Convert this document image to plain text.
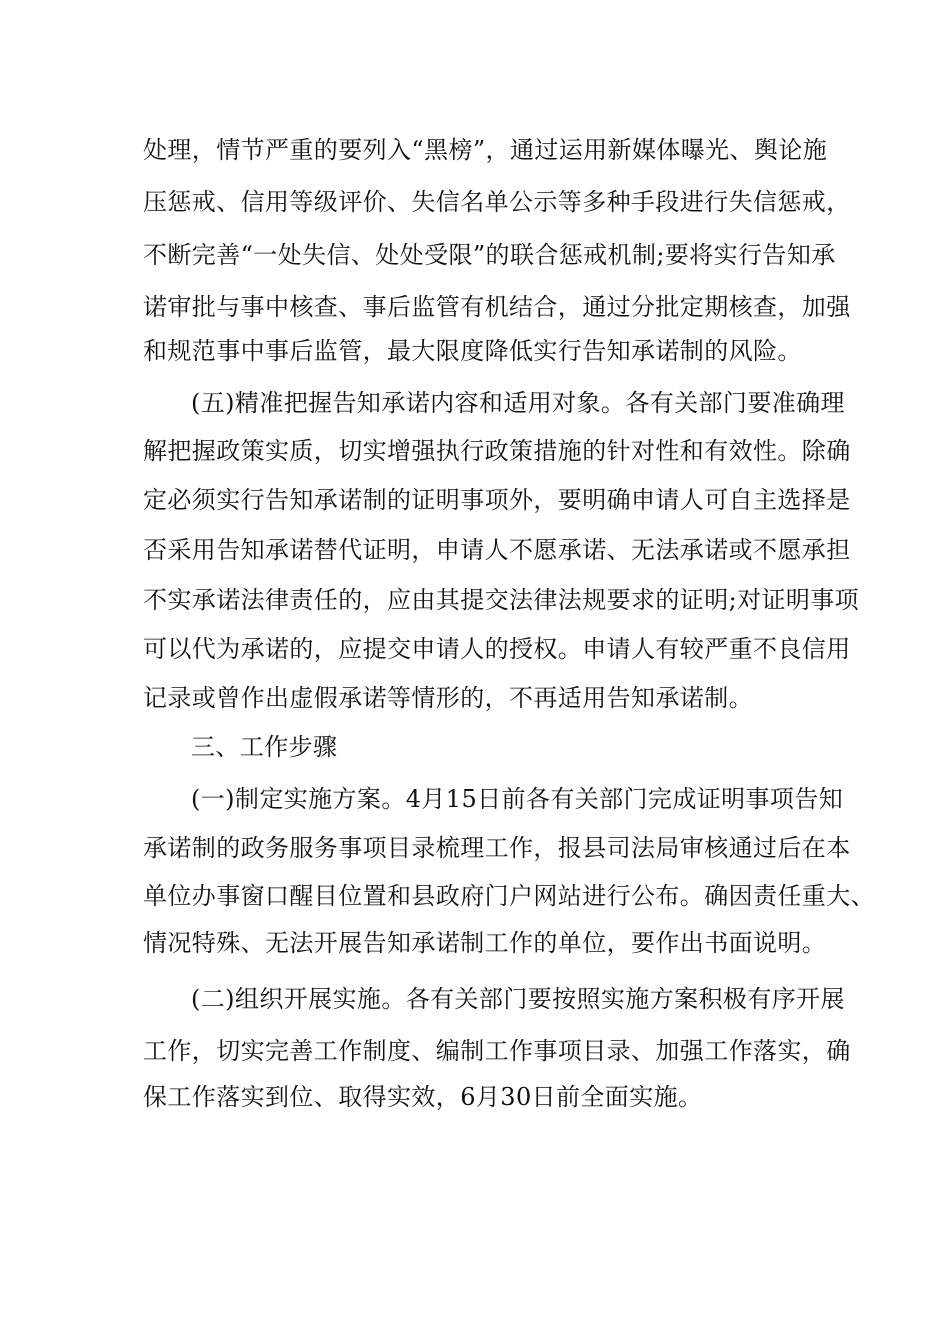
处理，情节严重的要列入“黑榜”，通过运用新媒体曝光、舆论施
压惩戒、信用等级评价、失信名单公示等多种手段进行失信惩戒，
不断完善“一处失信、处处受限”的联合惩戒机制;要将实行告知承
诺审批与事中核查、事后监管有机结合，通过分批定期核查，加强
和规范事中事后监管，最大限度降低实行告知承诺制的风险。
(五)精准把握告知承诺内容和适用对象。各有关部门要准确理
解把握政策实质，切实增强执行政策措施的针对性和有效性。除确
定必须实行告知承诺制的证明事项外，要明确申请人可自主选择是
否采用告知承诺替代证明，申请人不愿承诺、无法承诺或不愿承担
不实承诺法律责任的，应由其提交法律法规要求的证明;对证明事项
可以代为承诺的，应提交申请人的授权。申请人有较严重不良信用
记录或曾作出虚假承诺等情形的，不再适用告知承诺制。
三、工作步骤
(一)制定实施方案。4月15日前各有关部门完成证明事项告知
承诺制的政务服务事项目录梳理工作，报县司法局审核通过后在本
单位办事窗口醒目位置和县政府门户网站进行公布。确因责任重大、
情况特殊、无法开展告知承诺制工作的单位，要作出书面说明。
(二)组织开展实施。各有关部门要按照实施方案积极有序开展
工作，切实完善工作制度、编制工作事项目录、加强工作落实，确
保工作落实到位、取得实效，6月30日前全面实施。
